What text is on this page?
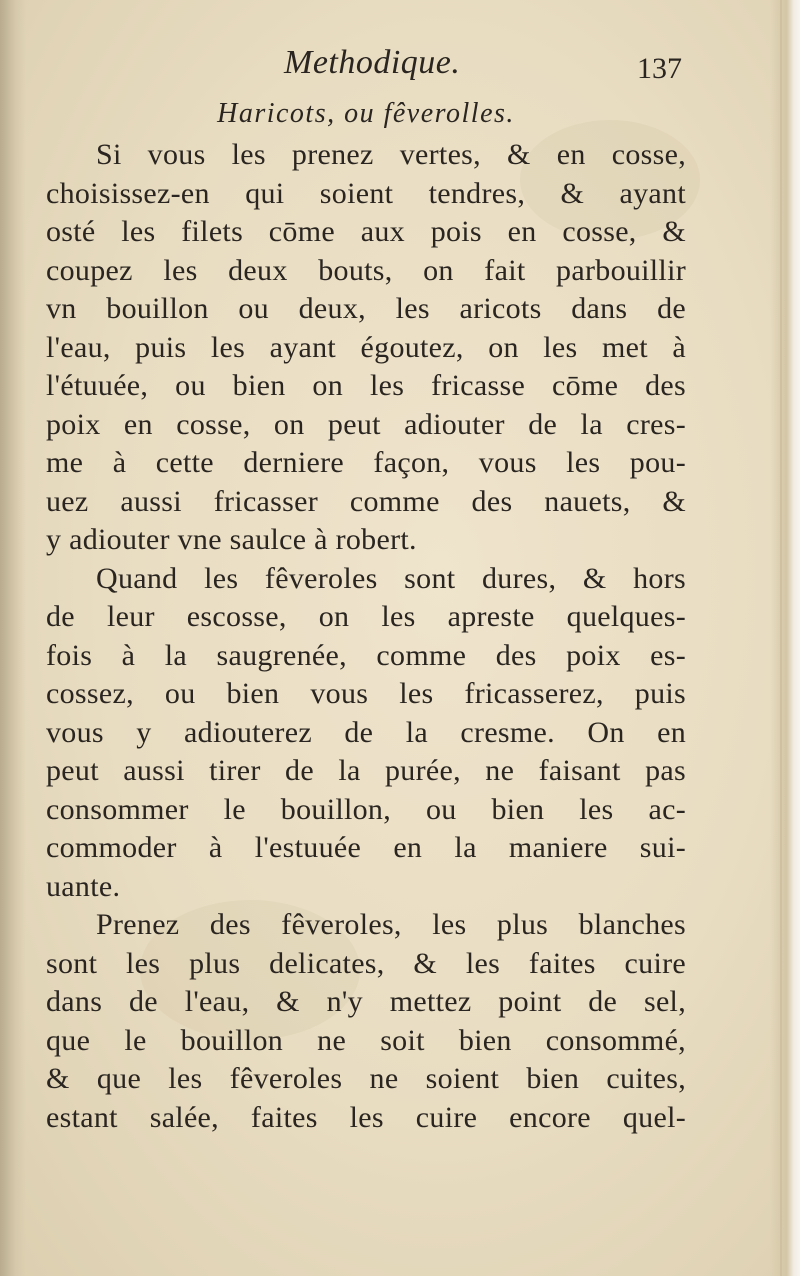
Methodique.	137
Haricots, ou fêverolles.
Si vous les prenez vertes, & en cosse,
choisissez-en qui soient tendres, & ayant
osté les filets cōme aux pois en cosse, &
coupez les deux bouts, on fait parbouillir
vn bouillon ou deux, les aricots dans de
l'eau, puis les ayant égoutez, on les met à
l'étuuée, ou bien on les fricasse cōme des
poix en cosse, on peut adiouter de la cres-
me à cette derniere façon, vous les pou-
uez aussi fricasser comme des nauets, &
y adiouter vne saulce à robert.
Quand les fêveroles sont dures, & hors
de leur escosse, on les apreste quelques-
fois à la saugrenée, comme des poix es-
cossez, ou bien vous les fricasserez, puis
vous y adiouterez de la cresme. On en
peut aussi tirer de la purée, ne faisant pas
consommer le bouillon, ou bien les ac-
commoder à l'estuuée en la maniere sui-
uante.
Prenez des fêveroles, les plus blanches
sont les plus delicates, & les faites cuire
dans de l'eau, & n'y mettez point de sel,
que le bouillon ne soit bien consommé,
& que les fêveroles ne soient bien cuites,
estant salée, faites les cuire encore quel-
